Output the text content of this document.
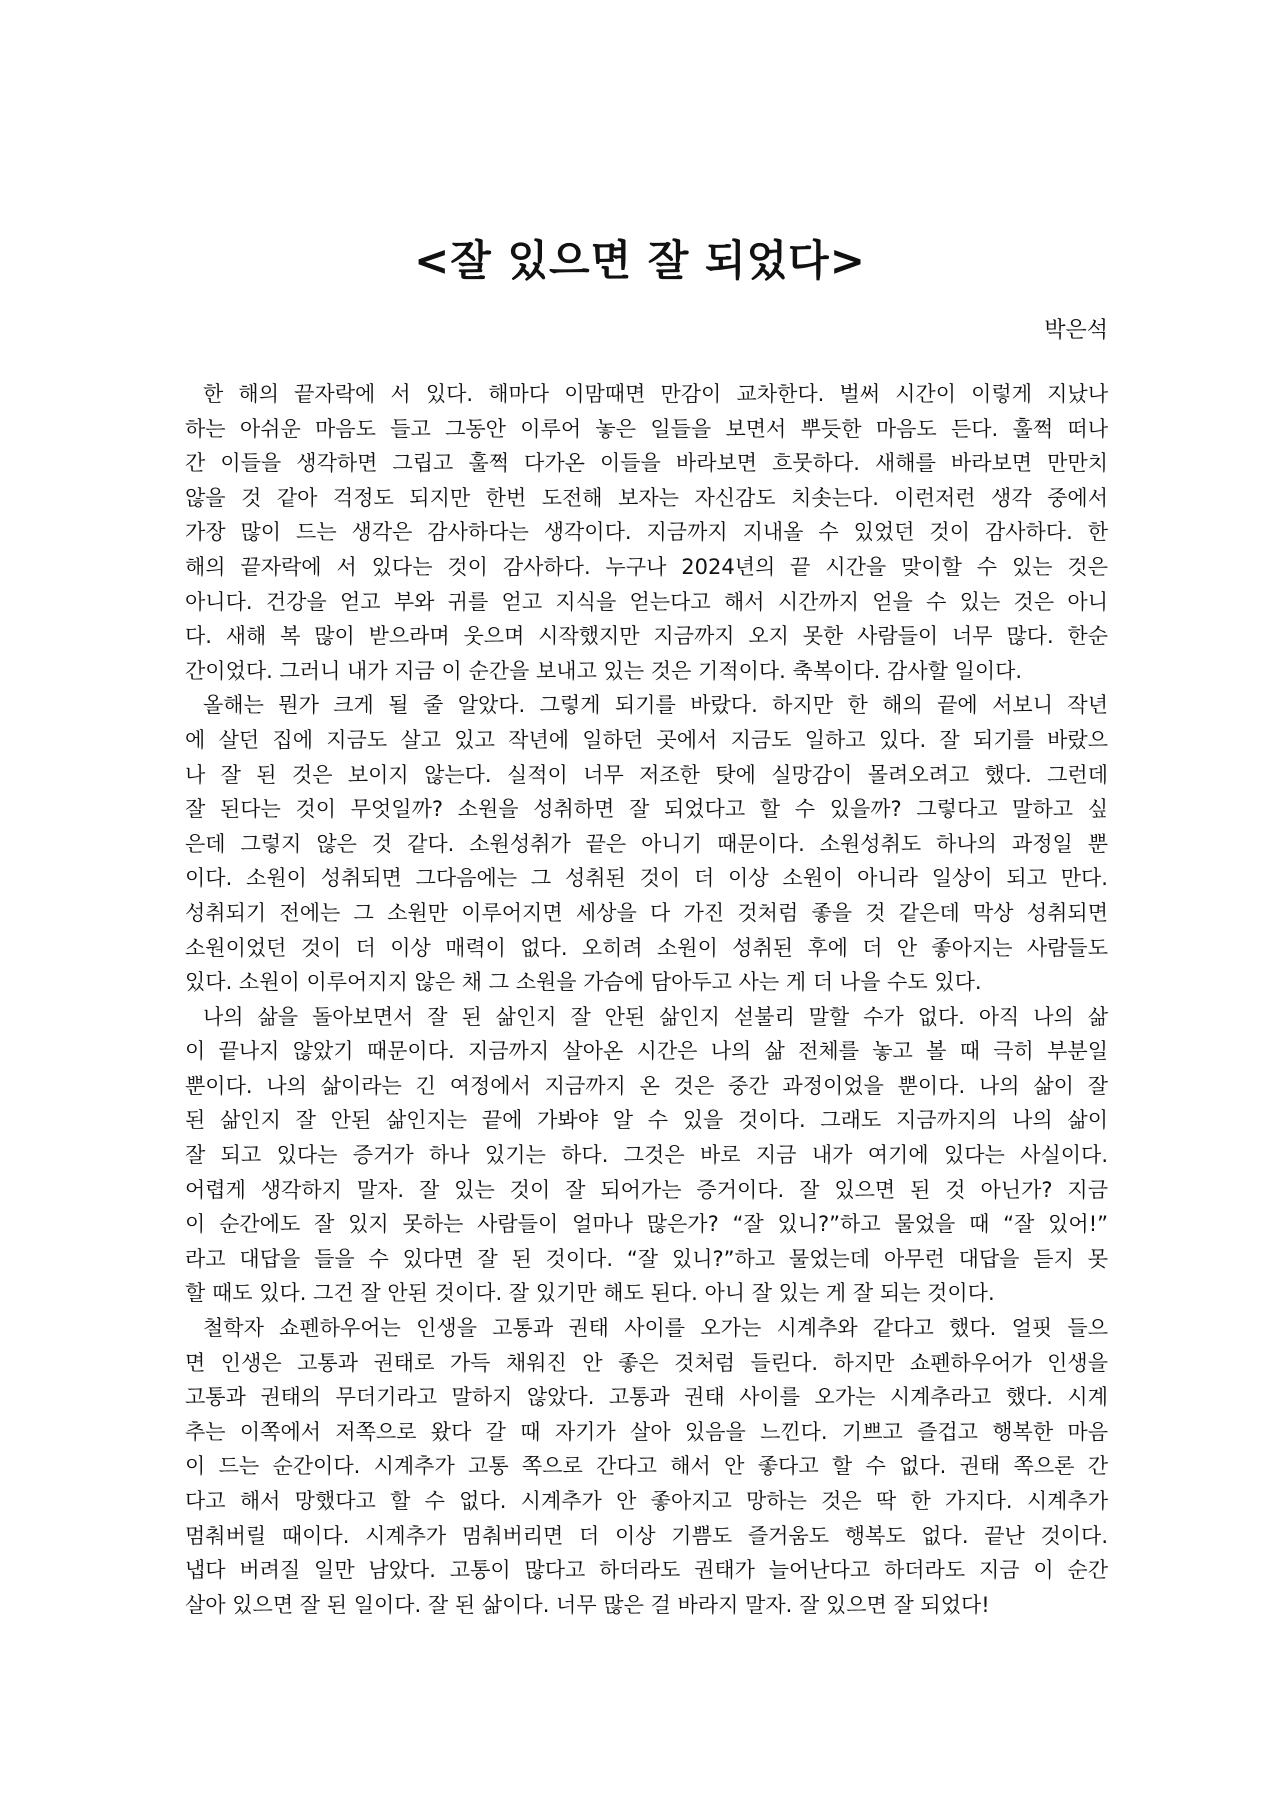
<잘 있으면 잘 되었다>
박은석
한 해의 끝자락에 서 있다. 해마다 이맘때면 만감이 교차한다. 벌써 시간이 이렇게 지났나
하는 아쉬운 마음도 들고 그동안 이루어 놓은 일들을 보면서 뿌듯한 마음도 든다. 훌쩍 떠나
간 이들을 생각하면 그립고 훌쩍 다가온 이들을 바라보면 흐뭇하다. 새해를 바라보면 만만치
않을 것 같아 걱정도 되지만 한번 도전해 보자는 자신감도 치솟는다. 이런저런 생각 중에서
가장 많이 드는 생각은 감사하다는 생각이다. 지금까지 지내올 수 있었던 것이 감사하다. 한
해의 끝자락에 서 있다는 것이 감사하다. 누구나 2024년의 끝 시간을 맞이할 수 있는 것은
아니다. 건강을 얻고 부와 귀를 얻고 지식을 얻는다고 해서 시간까지 얻을 수 있는 것은 아니
다. 새해 복 많이 받으라며 웃으며 시작했지만 지금까지 오지 못한 사람들이 너무 많다. 한순
간이었다. 그러니 내가 지금 이 순간을 보내고 있는 것은 기적이다. 축복이다. 감사할 일이다.
올해는 뭔가 크게 될 줄 알았다. 그렇게 되기를 바랐다. 하지만 한 해의 끝에 서보니 작년
에 살던 집에 지금도 살고 있고 작년에 일하던 곳에서 지금도 일하고 있다. 잘 되기를 바랐으
나 잘 된 것은 보이지 않는다. 실적이 너무 저조한 탓에 실망감이 몰려오려고 했다. 그런데
잘 된다는 것이 무엇일까? 소원을 성취하면 잘 되었다고 할 수 있을까? 그렇다고 말하고 싶
은데 그렇지 않은 것 같다. 소원성취가 끝은 아니기 때문이다. 소원성취도 하나의 과정일 뿐
이다. 소원이 성취되면 그다음에는 그 성취된 것이 더 이상 소원이 아니라 일상이 되고 만다.
성취되기 전에는 그 소원만 이루어지면 세상을 다 가진 것처럼 좋을 것 같은데 막상 성취되면
소원이었던 것이 더 이상 매력이 없다. 오히려 소원이 성취된 후에 더 안 좋아지는 사람들도
있다. 소원이 이루어지지 않은 채 그 소원을 가슴에 담아두고 사는 게 더 나을 수도 있다.
나의 삶을 돌아보면서 잘 된 삶인지 잘 안된 삶인지 섣불리 말할 수가 없다. 아직 나의 삶
이 끝나지 않았기 때문이다. 지금까지 살아온 시간은 나의 삶 전체를 놓고 볼 때 극히 부분일
뿐이다. 나의 삶이라는 긴 여정에서 지금까지 온 것은 중간 과정이었을 뿐이다. 나의 삶이 잘
된 삶인지 잘 안된 삶인지는 끝에 가봐야 알 수 있을 것이다. 그래도 지금까지의 나의 삶이
잘 되고 있다는 증거가 하나 있기는 하다. 그것은 바로 지금 내가 여기에 있다는 사실이다.
어렵게 생각하지 말자. 잘 있는 것이 잘 되어가는 증거이다. 잘 있으면 된 것 아닌가? 지금
이 순간에도 잘 있지 못하는 사람들이 얼마나 많은가? “잘 있니?”하고 물었을 때 “잘 있어!”
라고 대답을 들을 수 있다면 잘 된 것이다. “잘 있니?”하고 물었는데 아무런 대답을 듣지 못
할 때도 있다. 그건 잘 안된 것이다. 잘 있기만 해도 된다. 아니 잘 있는 게 잘 되는 것이다.
철학자 쇼펜하우어는 인생을 고통과 권태 사이를 오가는 시계추와 같다고 했다. 얼핏 들으
면 인생은 고통과 권태로 가득 채워진 안 좋은 것처럼 들린다. 하지만 쇼펜하우어가 인생을
고통과 권태의 무더기라고 말하지 않았다. 고통과 권태 사이를 오가는 시계추라고 했다. 시계
추는 이쪽에서 저쪽으로 왔다 갈 때 자기가 살아 있음을 느낀다. 기쁘고 즐겁고 행복한 마음
이 드는 순간이다. 시계추가 고통 쪽으로 간다고 해서 안 좋다고 할 수 없다. 권태 쪽으론 간
다고 해서 망했다고 할 수 없다. 시계추가 안 좋아지고 망하는 것은 딱 한 가지다. 시계추가
멈춰버릴 때이다. 시계추가 멈춰버리면 더 이상 기쁨도 즐거움도 행복도 없다. 끝난 것이다.
냅다 버려질 일만 남았다. 고통이 많다고 하더라도 권태가 늘어난다고 하더라도 지금 이 순간
살아 있으면 잘 된 일이다. 잘 된 삶이다. 너무 많은 걸 바라지 말자. 잘 있으면 잘 되었다!
